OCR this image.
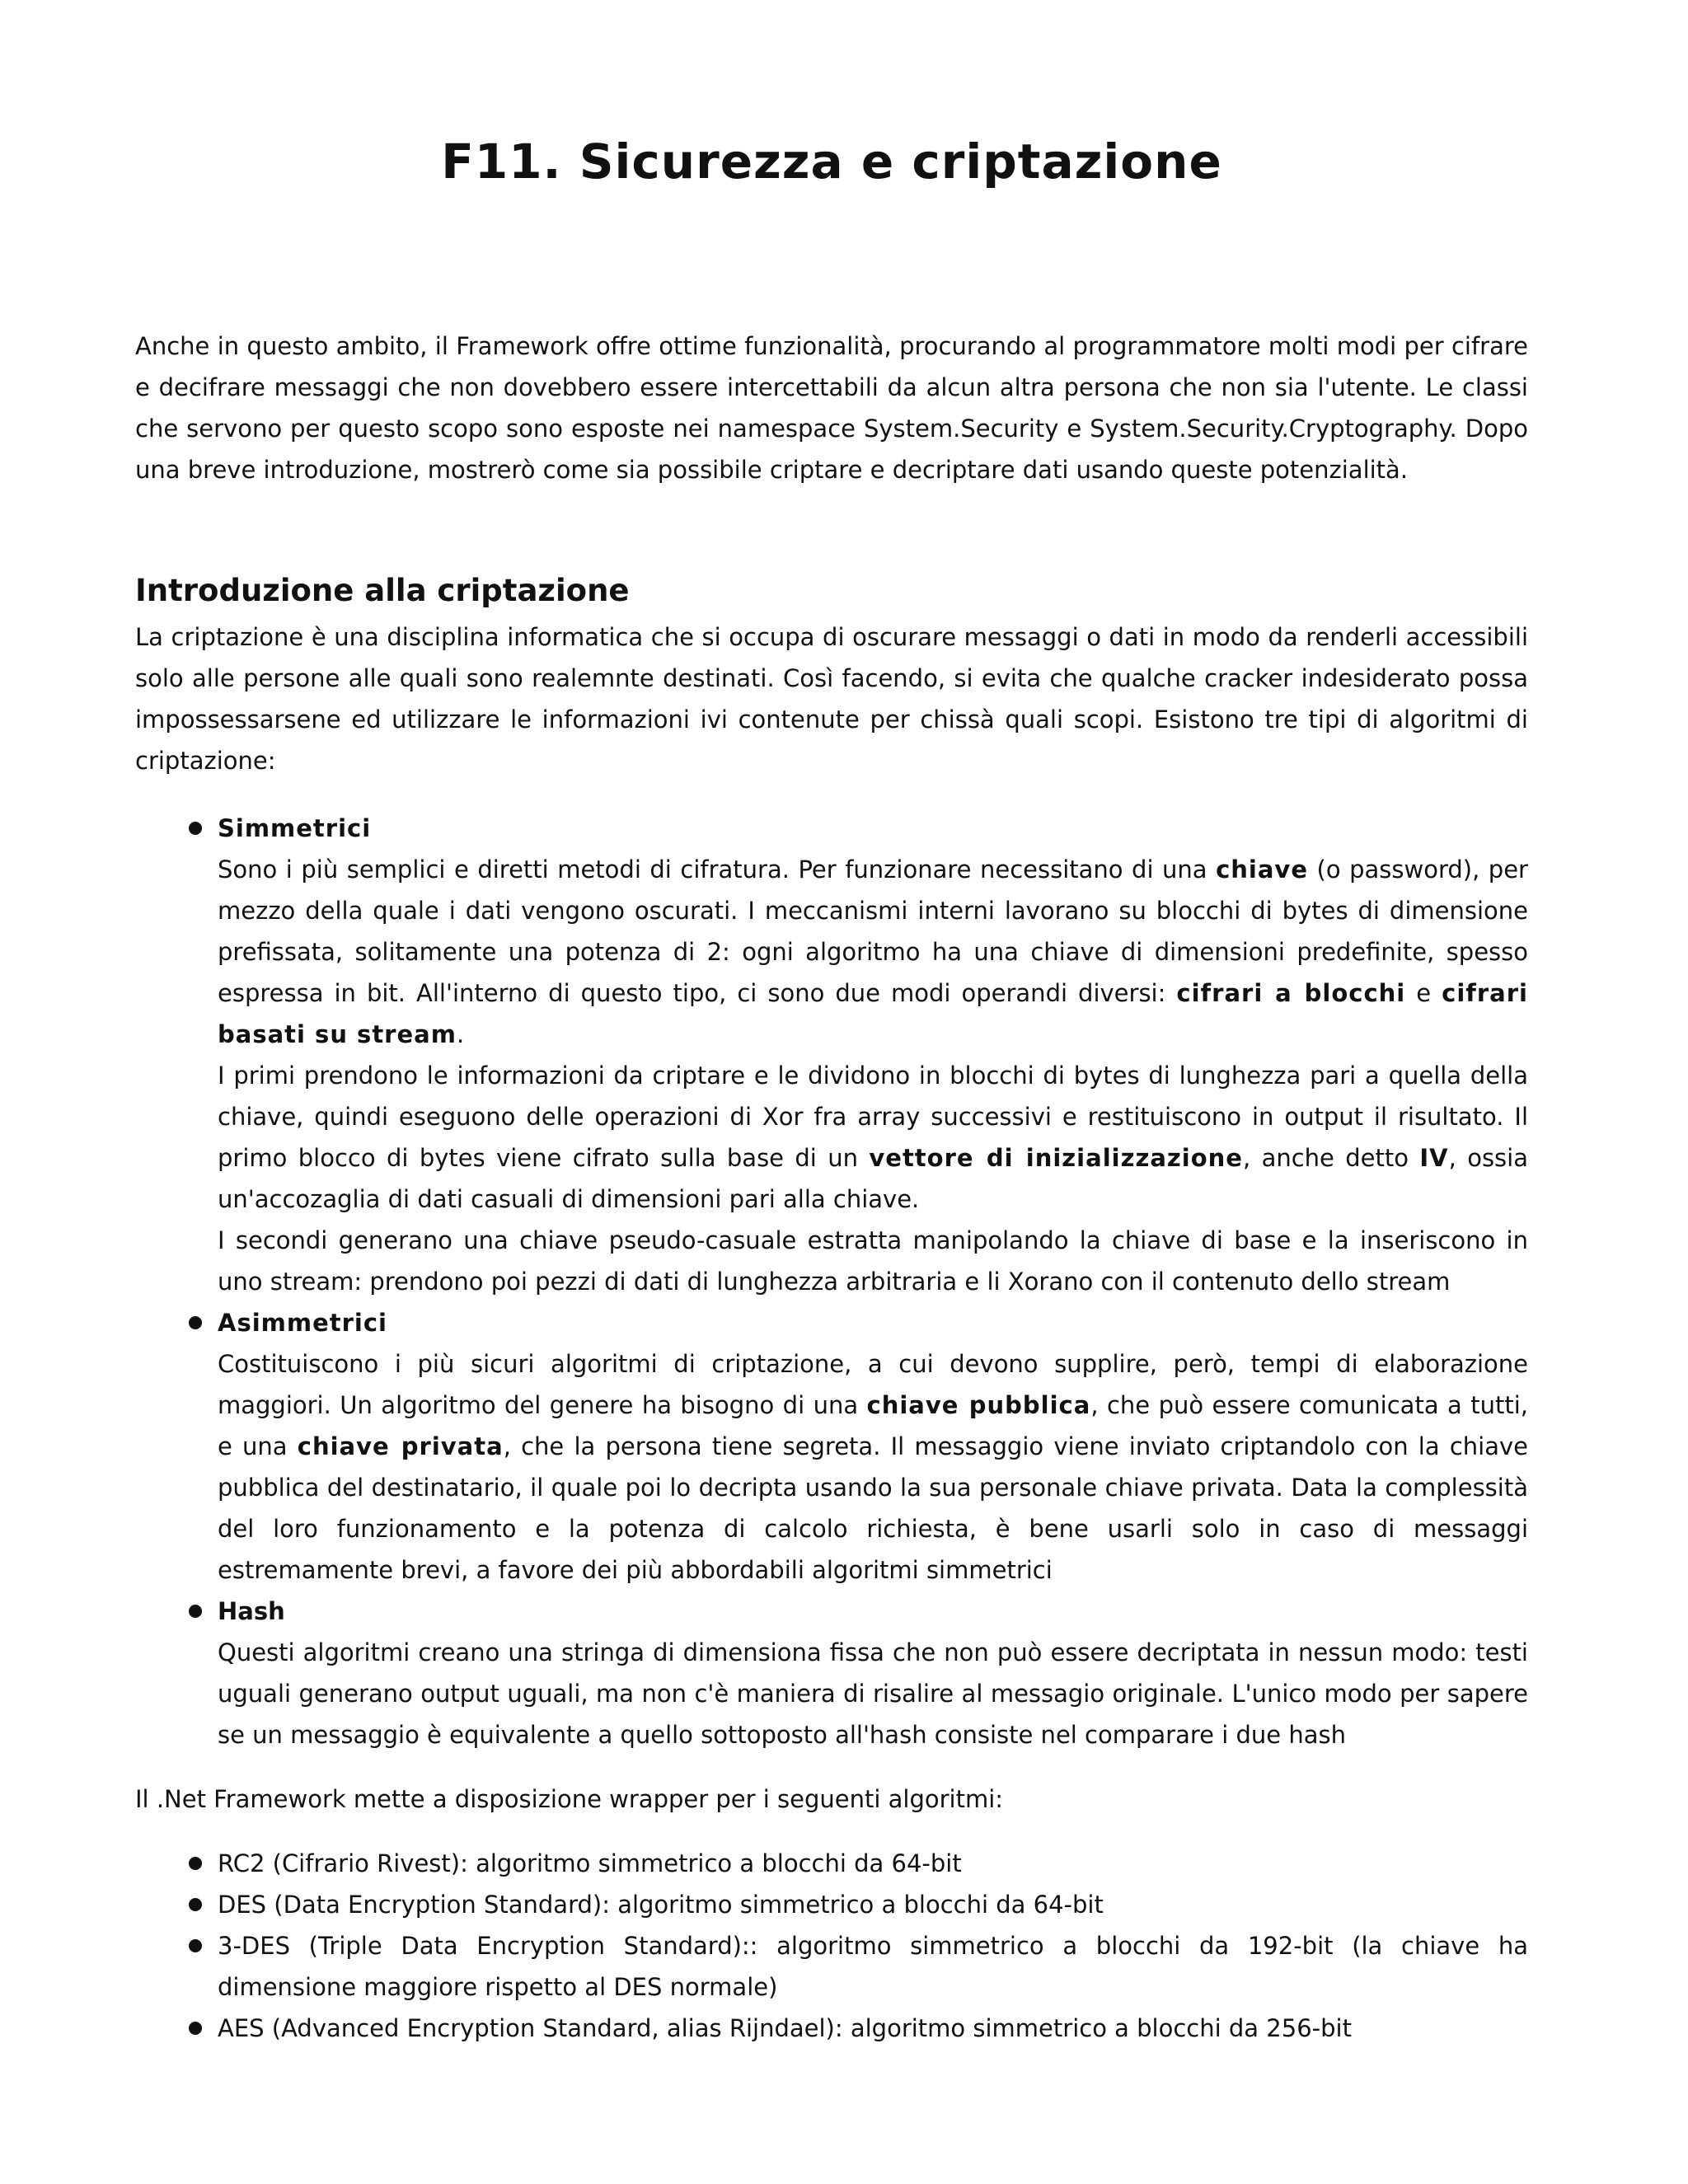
F11. Sicurezza e criptazione

Anche in questo ambito, il Framework offre ottime funzionalità, procurando al programmatore molti modi per cifrare e decifrare messaggi che non dovebbero essere intercettabili da alcun altra persona che non sia l'utente. Le classi che servono per questo scopo sono esposte nei namespace System.Security e System.Security.Cryptography. Dopo una breve introduzione, mostrerò come sia possibile criptare e decriptare dati usando queste potenzialità.

Introduzione alla criptazione

La criptazione è una disciplina informatica che si occupa di oscurare messaggi o dati in modo da renderli accessibili solo alle persone alle quali sono realemnte destinati. Così facendo, si evita che qualche cracker indesiderato possa impossessarsene ed utilizzare le informazioni ivi contenute per chissà quali scopi. Esistono tre tipi di algoritmi di criptazione:

Simmetrici

Sono i più semplici e diretti metodi di cifratura. Per funzionare necessitano di una chiave (o password), per mezzo della quale i dati vengono oscurati. I meccanismi interni lavorano su blocchi di bytes di dimensione prefissata, solitamente una potenza di 2: ogni algoritmo ha una chiave di dimensioni predefinite, spesso espressa in bit. All'interno di questo tipo, ci sono due modi operandi diversi: cifrari a blocchi e cifrari basati su stream.

I primi prendono le informazioni da criptare e le dividono in blocchi di bytes di lunghezza pari a quella della chiave, quindi eseguono delle operazioni di Xor fra array successivi e restituiscono in output il risultato. Il primo blocco di bytes viene cifrato sulla base di un vettore di inizializzazione, anche detto IV, ossia un'accozaglia di dati casuali di dimensioni pari alla chiave.

I secondi generano una chiave pseudo-casuale estratta manipolando la chiave di base e la inseriscono in uno stream: prendono poi pezzi di dati di lunghezza arbitraria e li Xorano con il contenuto dello stream

Asimmetrici

Costituiscono i più sicuri algoritmi di criptazione, a cui devono supplire, però, tempi di elaborazione maggiori. Un algoritmo del genere ha bisogno di una chiave pubblica, che può essere comunicata a tutti, e una chiave privata, che la persona tiene segreta. Il messaggio viene inviato criptandolo con la chiave pubblica del destinatario, il quale poi lo decripta usando la sua personale chiave privata. Data la complessità del loro funzionamento e la potenza di calcolo richiesta, è bene usarli solo in caso di messaggi estremamente brevi, a favore dei più abbordabili algoritmi simmetrici

Hash

Questi algoritmi creano una stringa di dimensiona fissa che non può essere decriptata in nessun modo: testi uguali generano output uguali, ma non c'è maniera di risalire al messagio originale. L'unico modo per sapere se un messaggio è equivalente a quello sottoposto all'hash consiste nel comparare i due hash

Il .Net Framework mette a disposizione wrapper per i seguenti algoritmi:

RC2 (Cifrario Rivest): algoritmo simmetrico a blocchi da 64-bit
DES (Data Encryption Standard): algoritmo simmetrico a blocchi da 64-bit
3-DES (Triple Data Encryption Standard):: algoritmo simmetrico a blocchi da 192-bit (la chiave ha dimensione maggiore rispetto al DES normale)
AES (Advanced Encryption Standard, alias Rijndael): algoritmo simmetrico a blocchi da 256-bit
